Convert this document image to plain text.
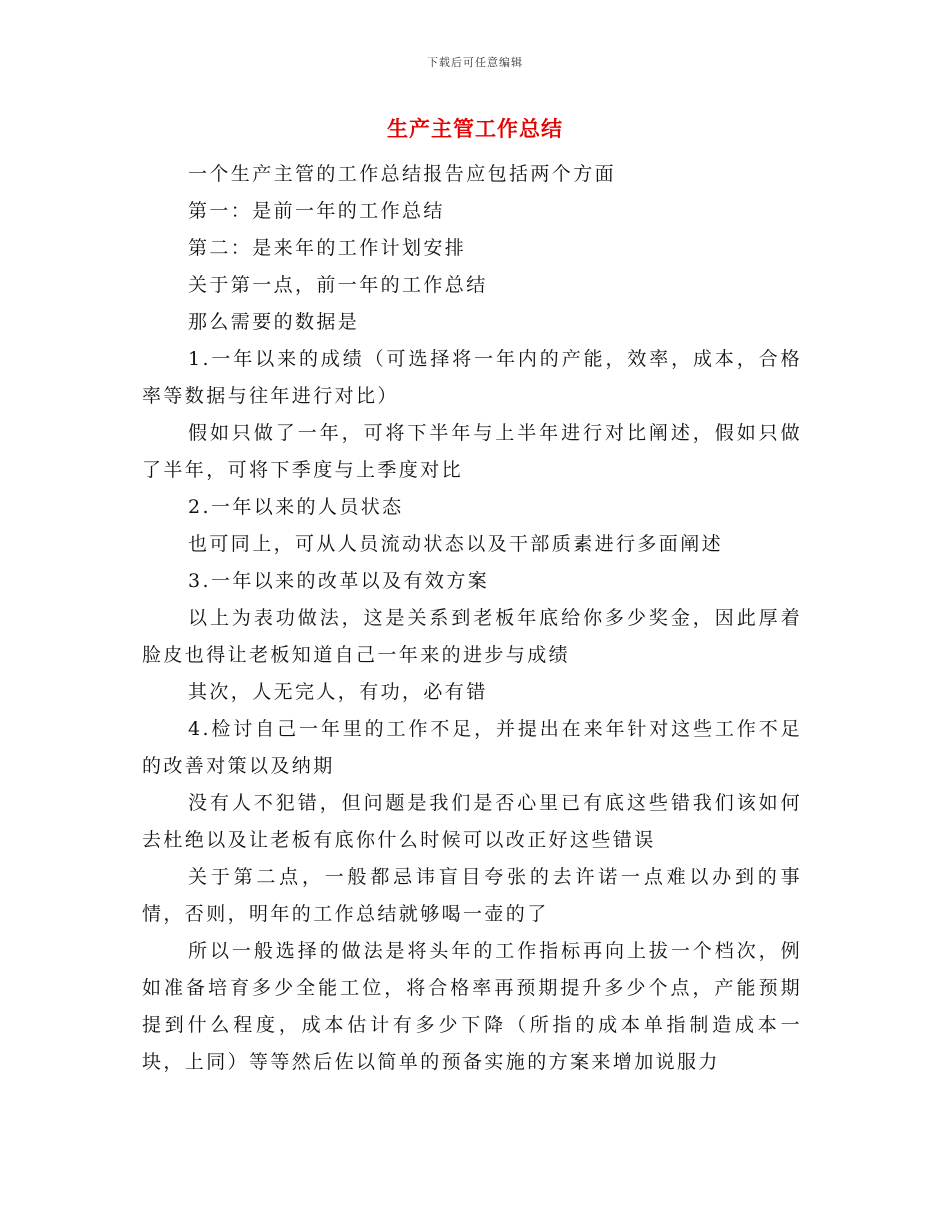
下载后可任意编辑
生产主管工作总结

一个生产主管的工作总结报告应包括两个方面

第一：是前一年的工作总结

第二：是来年的工作计划安排

关于第一点，前一年的工作总结

那么需要的数据是

1.一年以来的成绩（可选择将一年内的产能，效率，成本，合格率等数据与往年进行对比）

假如只做了一年，可将下半年与上半年进行对比阐述，假如只做了半年，可将下季度与上季度对比

2.一年以来的人员状态

也可同上，可从人员流动状态以及干部质素进行多面阐述

3.一年以来的改革以及有效方案

以上为表功做法，这是关系到老板年底给你多少奖金，因此厚着脸皮也得让老板知道自己一年来的进步与成绩

其次，人无完人，有功，必有错

4.检讨自己一年里的工作不足，并提出在来年针对这些工作不足的改善对策以及纳期

没有人不犯错，但问题是我们是否心里已有底这些错我们该如何去杜绝以及让老板有底你什么时候可以改正好这些错误

关于第二点，一般都忌讳盲目夸张的去许诺一点难以办到的事情，否则，明年的工作总结就够喝一壶的了

所以一般选择的做法是将头年的工作指标再向上拔一个档次，例如准备培育多少全能工位，将合格率再预期提升多少个点，产能预期提到什么程度，成本估计有多少下降（所指的成本单指制造成本一块，上同）等等然后佐以简单的预备实施的方案来增加说服力
